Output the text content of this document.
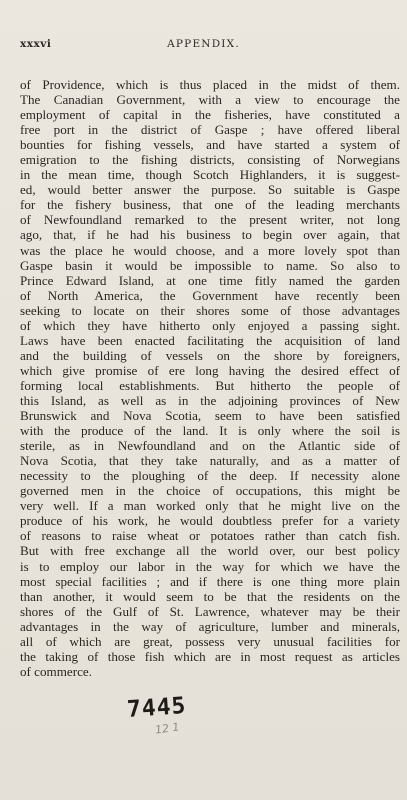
xxxvi	APPENDIX.
of Providence, which is thus placed in the midst of them.
The Canadian Government, with a view to encourage the
employment of capital in the fisheries, have constituted a
free port in the district of Gaspe ; have offered liberal
bounties for fishing vessels, and have started a system of
emigration to the fishing districts, consisting of Norwegians
in the mean time, though Scotch Highlanders, it is suggest-
ed, would better answer the purpose. So suitable is Gaspe
for the fishery business, that one of the leading merchants
of Newfoundland remarked to the present writer, not long
ago, that, if he had his business to begin over again, that
was the place he would choose, and a more lovely spot than
Gaspe basin it would be impossible to name. So also to
Prince Edward Island, at one time fitly named the garden
of North America, the Government have recently been
seeking to locate on their shores some of those advantages
of which they have hitherto only enjoyed a passing sight.
Laws have been enacted facilitating the acquisition of land
and the building of vessels on the shore by foreigners,
which give promise of ere long having the desired effect of
forming local establishments. But hitherto the people of
this Island, as well as in the adjoining provinces of New
Brunswick and Nova Scotia, seem to have been satisfied
with the produce of the land. It is only where the soil is
sterile, as in Newfoundland and on the Atlantic side of
Nova Scotia, that they take naturally, and as a matter of
necessity to the ploughing of the deep. If necessity alone
governed men in the choice of occupations, this might be
very well. If a man worked only that he might live on the
produce of his work, he would doubtless prefer for a variety
of reasons to raise wheat or potatoes rather than catch fish.
But with free exchange all the world over, our best policy
is to employ our labor in the way for which we have the
most special facilities ; and if there is one thing more plain
than another, it would seem to be that the residents on the
shores of the Gulf of St. Lawrence, whatever may be their
advantages in the way of agriculture, lumber and minerals,
all of which are great, possess very unusual facilities for
the taking of those fish which are in most request as articles
of commerce.
7445
12 1
